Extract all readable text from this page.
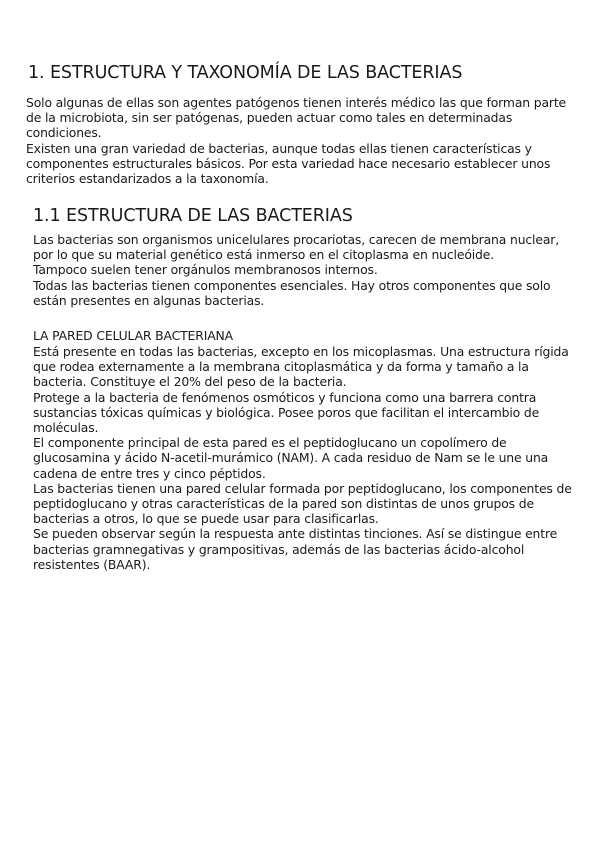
1. ESTRUCTURA Y TAXONOMÍA DE LAS BACTERIAS

Solo algunas de ellas son agentes patógenos tienen interés médico las que forman parte de la microbiota, sin ser patógenas, pueden actuar como tales en determinadas condiciones.

Existen una gran variedad de bacterias, aunque todas ellas tienen características y componentes estructurales básicos. Por esta variedad hace necesario establecer unos criterios estandarizados a la taxonomía.

1.1 ESTRUCTURA DE LAS BACTERIAS

Las bacterias son organismos unicelulares procariotas, carecen de membrana nuclear, por lo que su material genético está inmerso en el citoplasma en nucleóide.

Tampoco suelen tener orgánulos membranosos internos.

Todas las bacterias tienen componentes esenciales. Hay otros componentes que solo están presentes en algunas bacterias.

LA PARED CELULAR BACTERIANA

Está presente en todas las bacterias, excepto en los micoplasmas. Una estructura rígida que rodea externamente a la membrana citoplasmática y da forma y tamaño a la bacteria. Constituye el 20% del peso de la bacteria.

Protege a la bacteria de fenómenos osmóticos y funciona como una barrera contra sustancias tóxicas químicas y biológica. Posee poros que facilitan el intercambio de moléculas.

El componente principal de esta pared es el peptidoglucano un copolímero de glucosamina y ácido N-acetil-murámico (NAM). A cada residuo de Nam se le une una cadena de entre tres y cinco péptidos.

Las bacterias tienen una pared celular formada por peptidoglucano, los componentes de peptidoglucano y otras características de la pared son distintas de unos grupos de bacterias a otros, lo que se puede usar para clasificarlas.

Se pueden observar según la respuesta ante distintas tinciones. Así se distingue entre bacterias gramnegativas y grampositivas, además de las bacterias ácido-alcohol resistentes (BAAR).
